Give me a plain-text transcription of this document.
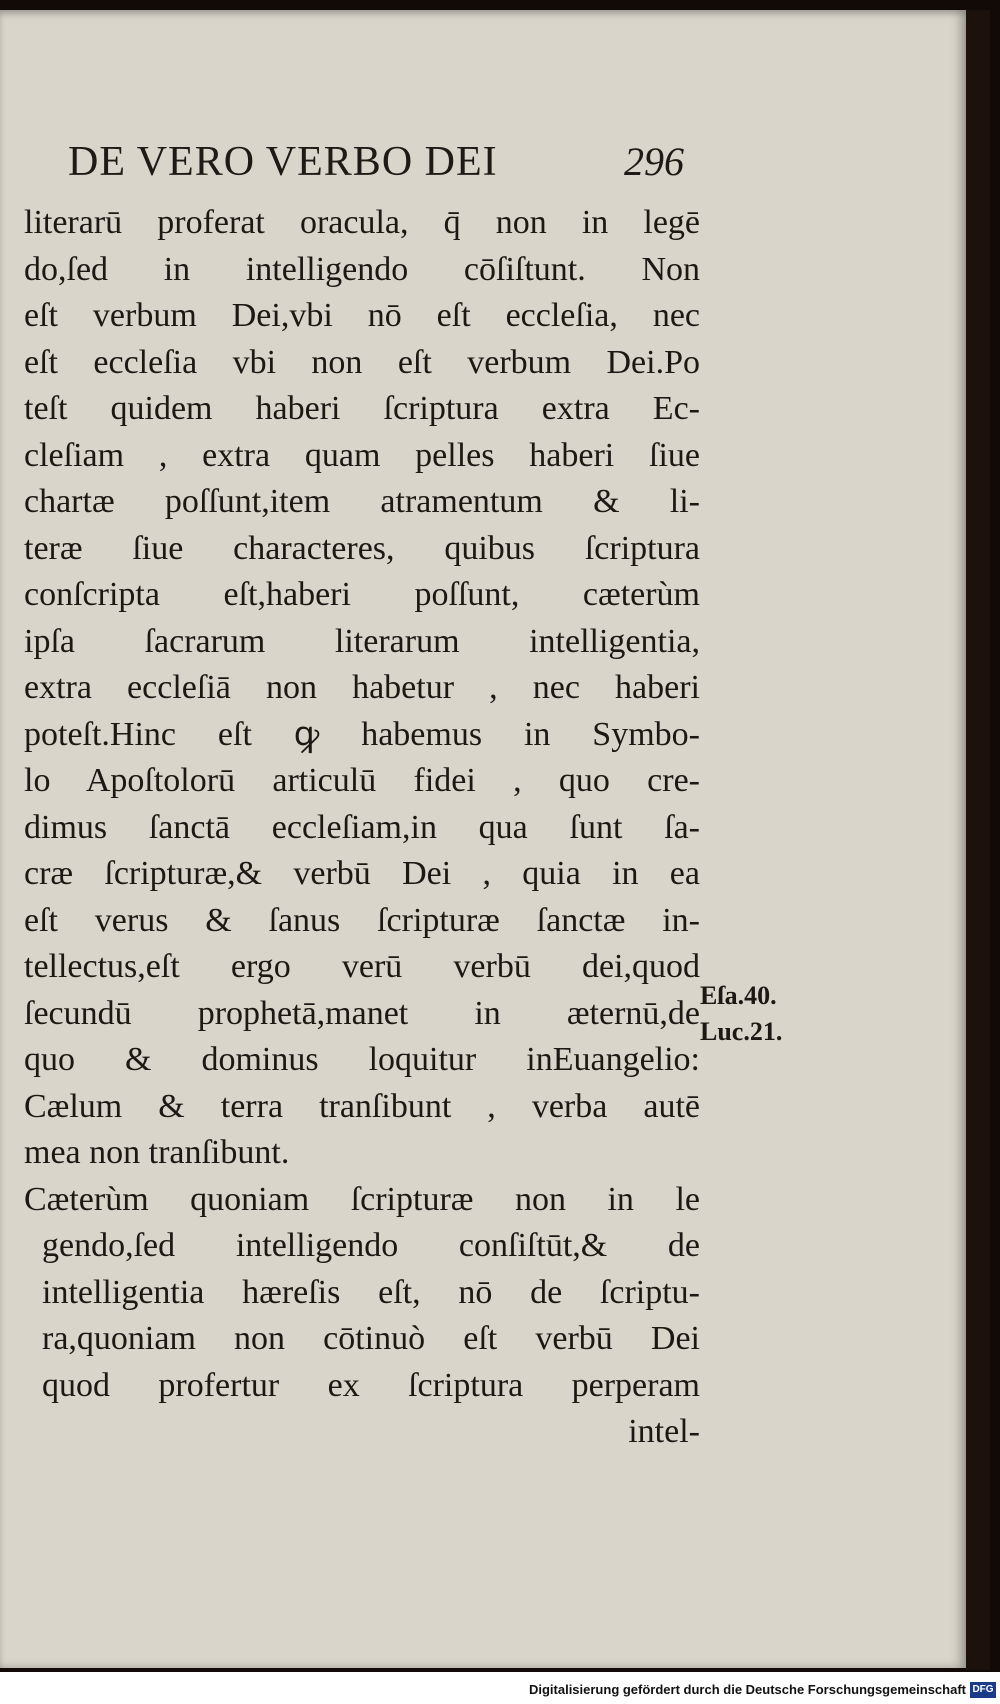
DE VERO VERBO DEI	296
literarū proferat oracula, q̄ non in legē
do,ſed in intelligendo cōſiſtunt. Non
eſt verbum Dei,vbi nō eſt eccleſia, nec
eſt eccleſia vbi non eſt verbum Dei.Po
teſt quidem haberi ſcriptura extra Ec-
cleſiam , extra quam pelles haberi ſiue
chartæ poſſunt,item atramentum & li-
teræ ſiue characteres, quibus ſcriptura
conſcripta eſt,haberi poſſunt, cæterùm
ipſa ſacrarum literarum intelligentia,
extra eccleſiā non habetur , nec haberi
poteſt.Hinc eſt ꝙ habemus in Symbo-
lo Apoſtolorū articulū fidei , quo cre-
dimus ſanctā eccleſiam,in qua ſunt ſa-
cræ ſcripturæ,& verbū Dei , quia in ea
eſt verus & ſanus ſcripturæ ſanctæ in-
tellectus,eſt ergo verū verbū dei,quod
ſecundū prophetā,manet in æternū,de
quo & dominus loquitur inEuangelio:
Cælum & terra tranſibunt , verba autē
mea non tranſibunt.
Cæterùm quoniam ſcripturæ non in le
gendo,ſed intelligendo conſiſtūt,& de
intelligentia hæreſis eſt, nō de ſcriptu-
ra,quoniam non cōtinuò eſt verbū Dei
quod profertur ex ſcriptura perperam
intel-
Eſa.40.
Luc.21.
Digitalisierung gefördert durch die Deutsche Forschungsgemeinschaft DFG
